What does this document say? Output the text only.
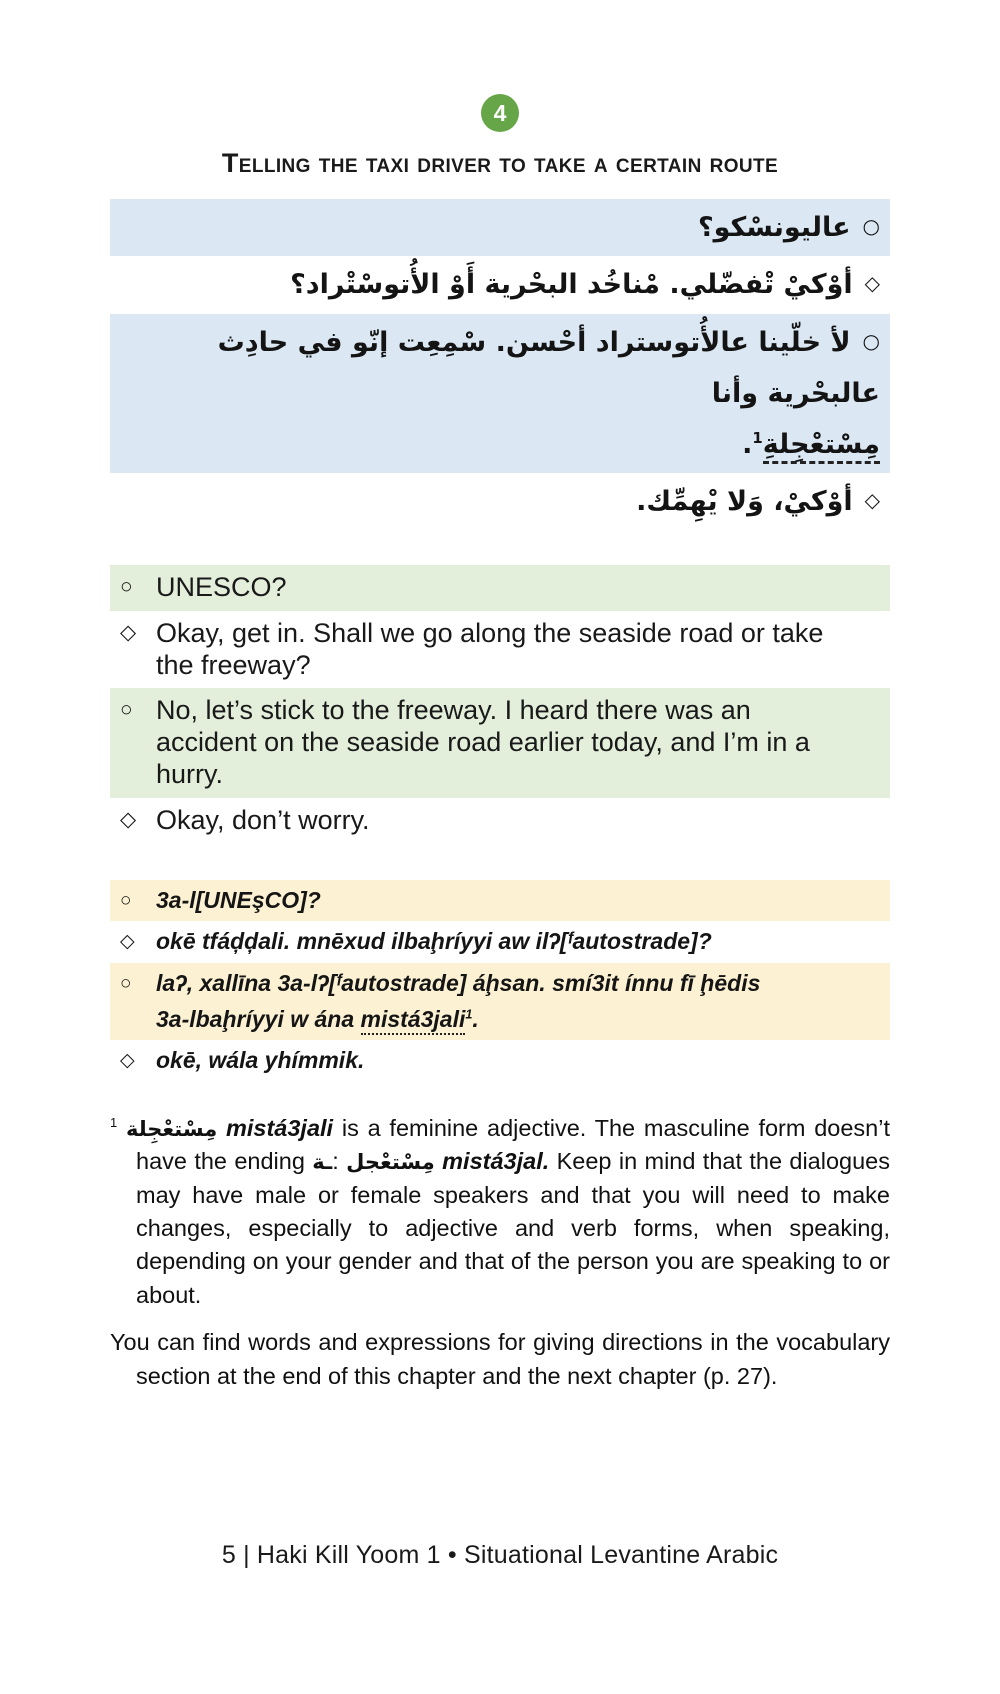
4
Telling the taxi driver to take a certain route
○عاليونسْكو؟
◇أوْكيْ تْفضّلي. مْناخُد البحْرية أَوْ الأُتوسْتْراد؟
○لأ خلّينا عالأُتوستراد أحْسن. سْمِعِت إنّو في حادِث عالبحْرية وأنا
مِسْتعْجِلةِ$^1$.
◇أوْكيْ، وَلا يْهِمِّك.
○ UNESCO?
◇ Okay, get in. Shall we go along the seaside road or take the freeway?
○ No, let’s stick to the freeway. I heard there was an accident on the seaside road earlier today, and I’m in a hurry.
◇ Okay, don’t worry.
○	3a-l[UNEşCO]?
◇ okē tfáḑḑali. mnēxud ilbaḩríyyi aw ilʔ[ᶠautostrade]?
○	laʔ, xallīna 3a-lʔ[ᶠautostrade] áḩsan. smí3it ínnu fī ḩēdis
3a-lbaḩríyyi w ána mistá3jali$^1$.
◇ okē, wála yhímmik.
$^1$ مِسْتعْجِلة mistá3jali is a feminine adjective. The masculine form doesn’t have the ending ـة: مِسْتعْجل mistá3jal. Keep in mind that the dialogues may have male or female speakers and that you will need to make changes, especially to adjective and verb forms, when speaking, depending on your gender and that of the person you are speaking to or about.
You can find words and expressions for giving directions in the vocabulary section at the end of this chapter and the next chapter (p. 27).
5 | Haki Kill Yoom 1 • Situational Levantine Arabic
